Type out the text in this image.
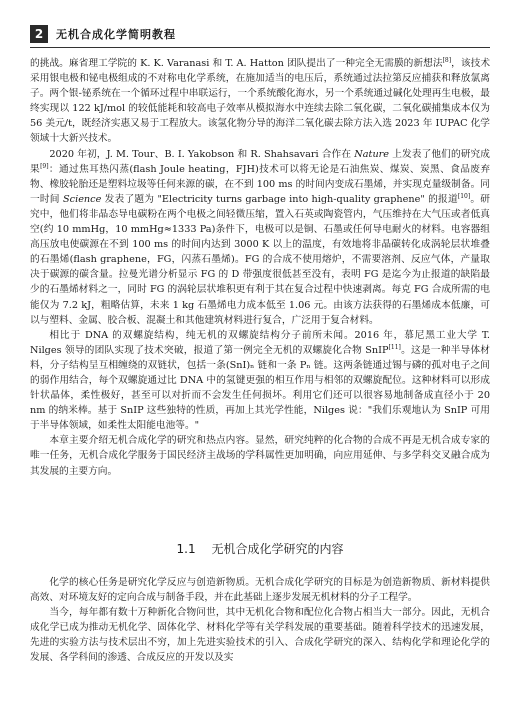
2	无机合成化学简明教程

的挑战。麻省理工学院的 K. K. Varanasi 和 T. A. Hatton 团队提出了一种完全无需膜的新想法[8]，该技术采用银电极和铋电极组成的不对称电化学系统，在施加适当的电压后，系统通过法拉第反应捕获和释放氯离子。两个银-铋系统在一个循环过程中串联运行，一个系统酸化海水，另一个系统通过碱化处理再生电极，最终实现以 122 kJ/mol 的较低能耗和较高电子效率从模拟海水中连续去除二氧化碳，二氧化碳捕集成本仅为 56 美元/t，既经济实惠又易于工程放大。该氢化物分导的海洋二氧化碳去除方法入选 2023 年 IUPAC 化学领域十大新兴技术。

2020 年初，J. M. Tour、B. I. Yakobson 和 R. Shahsavari 合作在 Nature 上发表了他们的研究成果[9]：通过焦耳热闪蒸(flash Joule heating，FJH)技术可以将无论是石油焦炭、煤炭、炭黑、食品废弃物、橡胶轮胎还是塑料垃圾等任何来源的碳，在不到 100 ms 的时间内变成石墨烯，并实现克量级制备。同一时间 Science 发表了题为 "Electricity turns garbage into high-quality graphene" 的报道[10]。研究中，他们将非晶态导电碳粉在两个电极之间轻微压缩，置入石英或陶瓷管内，气压维持在大气压或者低真空(约 10 mmHg，10 mmHg≈1333 Pa)条件下，电极可以是铜、石墨或任何导电耐火的材料。电容器组高压放电使碳源在不到 100 ms 的时间内达到 3000 K 以上的温度，有效地将非晶碳转化成涡轮层状堆叠的石墨烯(flash graphene，FG，闪蒸石墨烯)。FG 的合成不使用熔炉，不需要溶剂、反应气体，产量取决于碳源的碳含量。拉曼光谱分析显示 FG 的 D 带强度很低甚至没有，表明 FG 是迄今为止报道的缺陷最少的石墨烯材料之一，同时 FG 的涡轮层状堆积更有利于其在复合过程中快速剥离。每克 FG 合成所需的电能仅为 7.2 kJ，粗略估算，未来 1 kg 石墨烯电力成本低至 1.06 元。由该方法获得的石墨烯成本低廉，可以与塑料、金属、胶合板、混凝土和其他建筑材料进行复合，广泛用于复合材料。

相比于 DNA 的双螺旋结构，纯无机的双螺旋结构分子前所未闻。2016 年，慕尼黑工业大学 T. Nilges 领导的团队实现了技术突破，报道了第一例完全无机的双螺旋化合物 SnIP[11]。这是一种半导体材料，分子结构呈互相缠绕的双链状，包括一条(SnI)ₙ 链和一条 Pₙ 链。这两条链通过锡与磷的孤对电子之间的弱作用结合，每个双螺旋通过比 DNA 中的氢键更强的相互作用与相邻的双螺旋配位。这种材料可以形成针状晶体，柔性极好，甚至可以对折而不会发生任何损坏。利用它们还可以很容易地制备成直径小于 20 nm 的纳米棒。基于 SnIP 这些独特的性质，再加上其光学性能，Nilges 说："我们乐观地认为 SnIP 可用于半导体领域，如柔性太阳能电池等。"

本章主要介绍无机合成化学的研究和热点内容。显然，研究纯粹的化合物的合成不再是无机合成专家的唯一任务，无机合成化学服务于国民经济主战场的学科属性更加明确，向应用延伸、与多学科交叉融合成为其发展的主要方向。

1.1 无机合成化学研究的内容

化学的核心任务是研究化学反应与创造新物质。无机合成化学研究的目标是为创造新物质、新材料提供高效、对环境友好的定向合成与制备手段，并在此基础上逐步发展无机材料的分子工程学。

当今，每年都有数十万种新化合物问世，其中无机化合物和配位化合物占相当大一部分。因此，无机合成化学已成为推动无机化学、固体化学、材料化学等有关学科发展的重要基础。随着科学技术的迅速发展，先进的实验方法与技术层出不穷，加上先进实验技术的引入、合成化学研究的深入、结构化学和理论化学的发展、各学科间的渗透、合成反应的开发以及实
